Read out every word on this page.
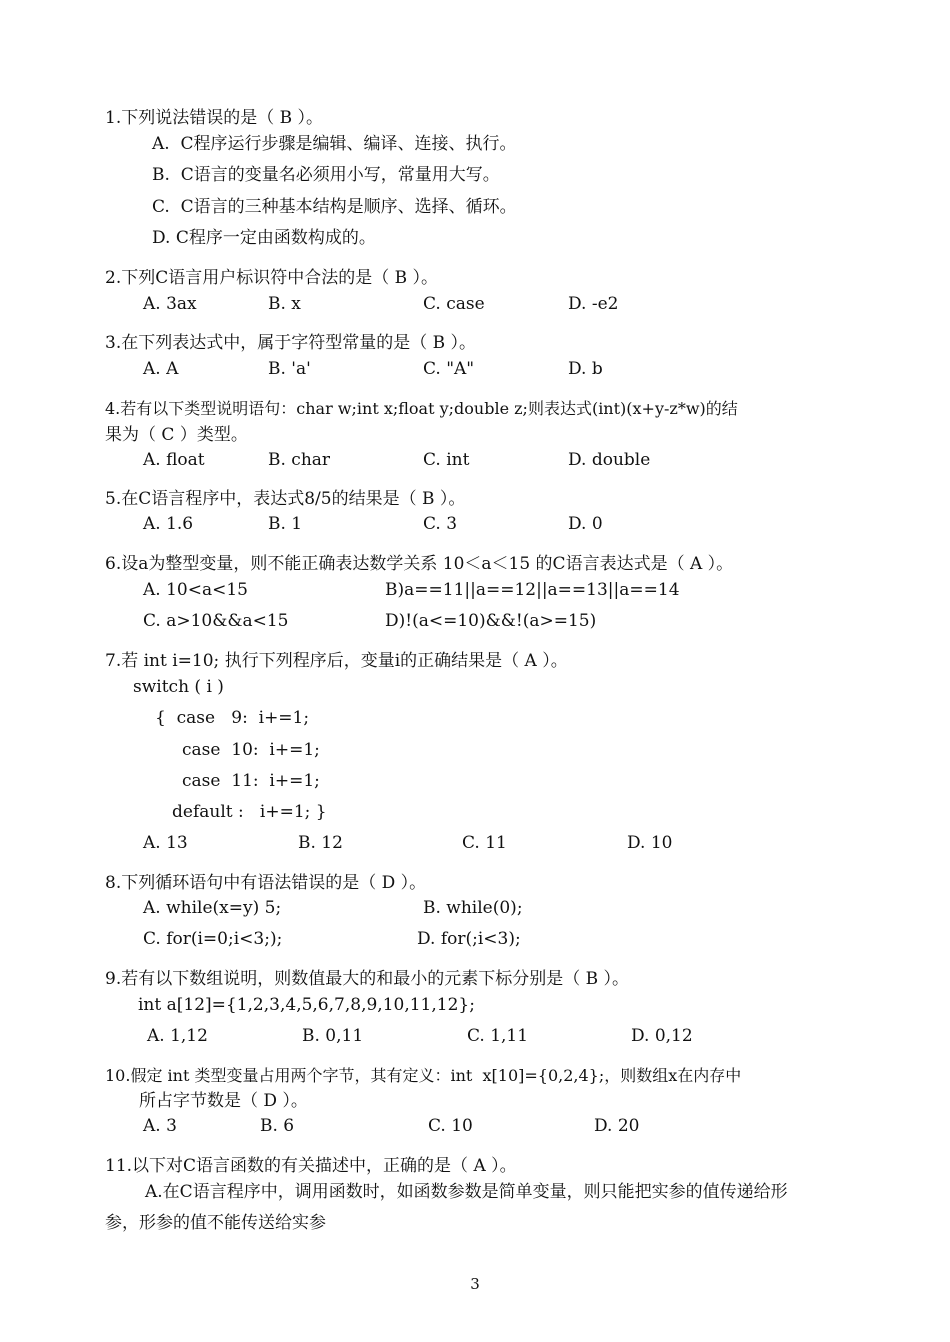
1.下列说法错误的是（ B ）。
A.  C程序运行步骤是编辑、编译、连接、执行。
B.  C语言的变量名必须用小写，常量用大写。
C.  C语言的三种基本结构是顺序、选择、循环。
D. C程序一定由函数构成的。
2.下列C语言用户标识符中合法的是（ B ）。
A. 3ax	B. x	C. case	D. -e2
3.在下列表达式中，属于字符型常量的是（ B ）。
A. A	B. 'a'	C. "A"	D. b
4.若有以下类型说明语句：char w;int x;float y;double z;则表达式(int)(x+y-z*w)的结
果为（ C ）类型。
A. float	B. char	C. int	D. double
5.在C语言程序中，表达式8/5的结果是（ B ）。
A. 1.6	B. 1	C. 3	D. 0
6.设a为整型变量，则不能正确表达数学关系 10＜a＜15 的C语言表达式是（ A ）。
A. 10<a<15	B)a==11||a==12||a==13||a==14
C. a>10&&a<15	D)!(a<=10)&&!(a>=15)
7.若 int i=10; 执行下列程序后，变量i的正确结果是（ A ）。
switch ( i )
{  case   9:  i+=1;
case  10:  i+=1;
case  11:  i+=1;
default :   i+=1; }
A. 13	B. 12	C. 11	D. 10
8.下列循环语句中有语法错误的是（ D ）。
A. while(x=y) 5;	B. while(0);
C. for(i=0;i<3;);	D. for(;i<3);
9.若有以下数组说明，则数值最大的和最小的元素下标分别是（ B ）。
int a[12]={1,2,3,4,5,6,7,8,9,10,11,12};
A. 1,12	B. 0,11	C. 1,11	D. 0,12
10.假定 int 类型变量占用两个字节，其有定义：int  x[10]={0,2,4};，则数组x在内存中
所占字节数是（ D ）。
A. 3	B. 6	C. 10	D. 20
11.以下对C语言函数的有关描述中，正确的是（ A ）。
A.在C语言程序中，调用函数时，如函数参数是简单变量，则只能把实参的值传递给形
参，形参的值不能传送给实参
3
